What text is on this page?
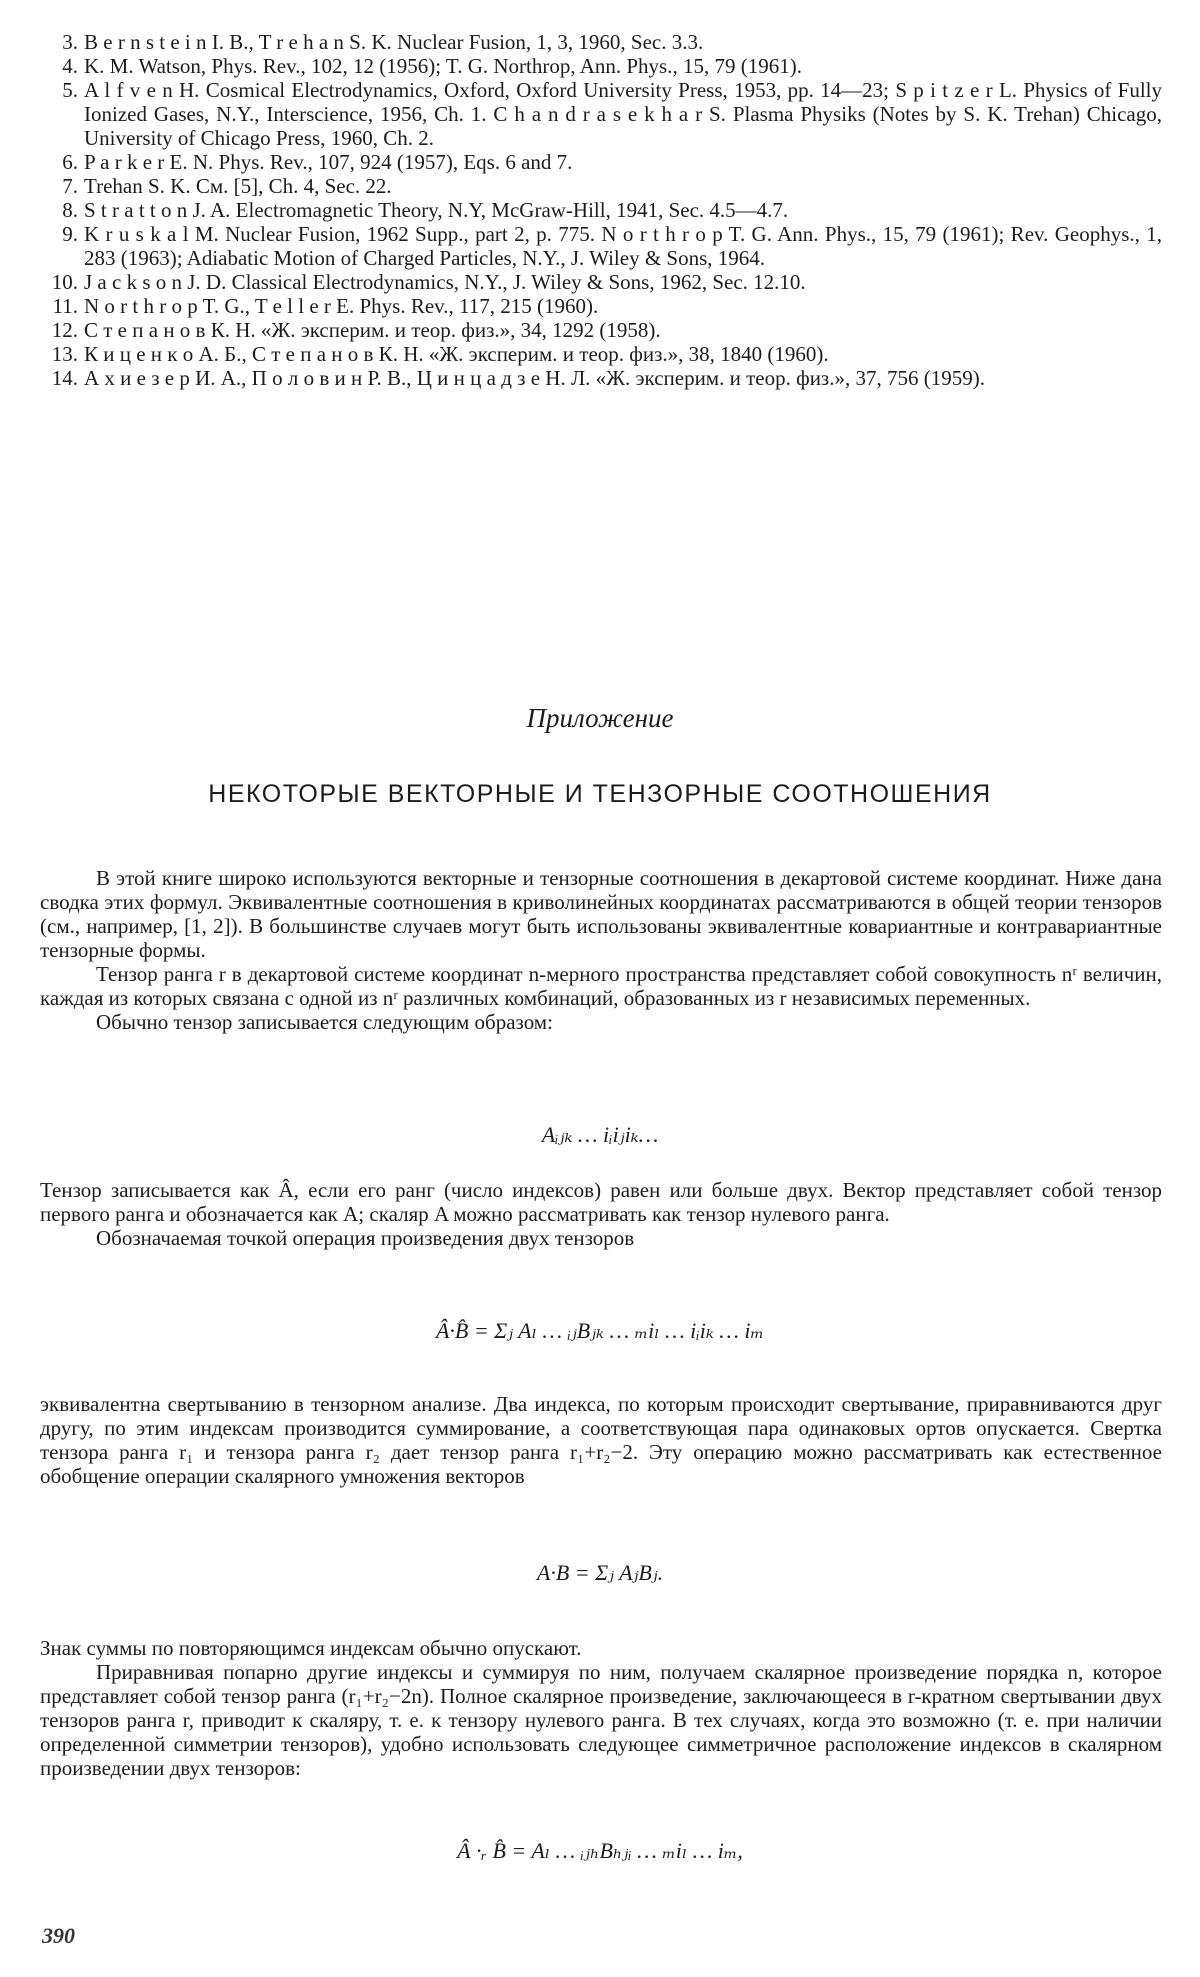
3. B e r n s t e i n I. B., T r e h a n S. K. Nuclear Fusion, 1, 3, 1960, Sec. 3.3.
4. K. M. Watson, Phys. Rev., 102, 12 (1956); T. G. Northrop, Ann. Phys., 15, 79 (1961).
5. A l f v e n H. Cosmical Electrodynamics, Oxford, Oxford University Press, 1953, pp. 14—23; S p i t z e r L. Physics of Fully Ionized Gases, N.Y., Interscience, 1956, Ch. 1. C h a n d r a s e k h a r S. Plasma Physiks (Notes by S. K. Trehan) Chicago, University of Chicago Press, 1960, Ch. 2.
6. P a r k e r E. N. Phys. Rev., 107, 924 (1957), Eqs. 6 and 7.
7. Trehan S. K. См. [5], Ch. 4, Sec. 22.
8. S t r a t t o n J. A. Electromagnetic Theory, N.Y, McGraw-Hill, 1941, Sec. 4.5—4.7.
9. K r u s k a l M. Nuclear Fusion, 1962 Supp., part 2, p. 775. N o r t h r o p T. G. Ann. Phys., 15, 79 (1961); Rev. Geophys., 1, 283 (1963); Adiabatic Motion of Charged Particles, N.Y., J. Wiley & Sons, 1964.
10. J a c k s o n J. D. Classical Electrodynamics, N.Y., J. Wiley & Sons, 1962, Sec. 12.10.
11. N o r t h r o p T. G., T e l l e r E. Phys. Rev., 117, 215 (1960).
12. С т е п а н о в К. Н. «Ж. эксперим. и теор. физ.», 34, 1292 (1958).
13. К и ц е н к о А. Б., С т е п а н о в К. Н. «Ж. эксперим. и теор. физ.», 38, 1840 (1960).
14. А х и е з е р И. А., П о л о в и н Р. В., Ц и н ц а д з е Н. Л. «Ж. эксперим. и теор. физ.», 37, 756 (1959).
Приложение
НЕКОТОРЫЕ ВЕКТОРНЫЕ И ТЕНЗОРНЫЕ СООТНОШЕНИЯ

В этой книге широко используются векторные и тензорные соотношения в декартовой системе координат. Ниже дана сводка этих формул. Эквивалентные соотношения в криволинейных координатах рассматриваются в общей теории тензоров (см., например, [1, 2]). В большинстве случаев могут быть использованы эквивалентные ковариантные и контравариантные тензорные формы.

Тензор ранга r в декартовой системе координат n-мерного пространства представляет собой совокупность nʳ величин, каждая из которых связана с одной из nʳ различных комбинаций, образованных из r независимых переменных.

Обычно тензор записывается следующим образом:

Aᵢⱼₖ … iᵢiⱼiₖ…

Тензор записывается как Â, если его ранг (число индексов) равен или больше двух. Вектор представляет собой тензор первого ранга и обозначается как A; скаляр A можно рассматривать как тензор нулевого ранга.

Обозначаемая точкой операция произведения двух тензоров

Â·B̂ = Σⱼ Aₗ … ᵢⱼBⱼₖ … ₘiₗ … iᵢiₖ … iₘ

эквивалентна свертыванию в тензорном анализе. Два индекса, по которым происходит свертывание, приравниваются друг другу, по этим индексам производится суммирование, а соответствующая пара одинаковых ортов опускается. Свертка тензора ранга r₁ и тензора ранга r₂ дает тензор ранга r₁+r₂−2. Эту операцию можно рассматривать как естественное обобщение операции скалярного умножения векторов

A·B = Σⱼ AⱼBⱼ.

Знак суммы по повторяющимся индексам обычно опускают.

Приравнивая попарно другие индексы и суммируя по ним, получаем скалярное произведение порядка n, которое представляет собой тензор ранга (r₁+r₂−2n). Полное скалярное произведение, заключающееся в r-кратном свертывании двух тензоров ранга r, приводит к скаляру, т. е. к тензору нулевого ранга. В тех случаях, когда это возможно (т. е. при наличии определенной симметрии тензоров), удобно использовать следующее симметричное расположение индексов в скалярном произведении двух тензоров:

Â ·ᵣ B̂ = Aₗ … ᵢⱼₕBₕⱼᵢ … ₘiₗ … iₘ,
390
